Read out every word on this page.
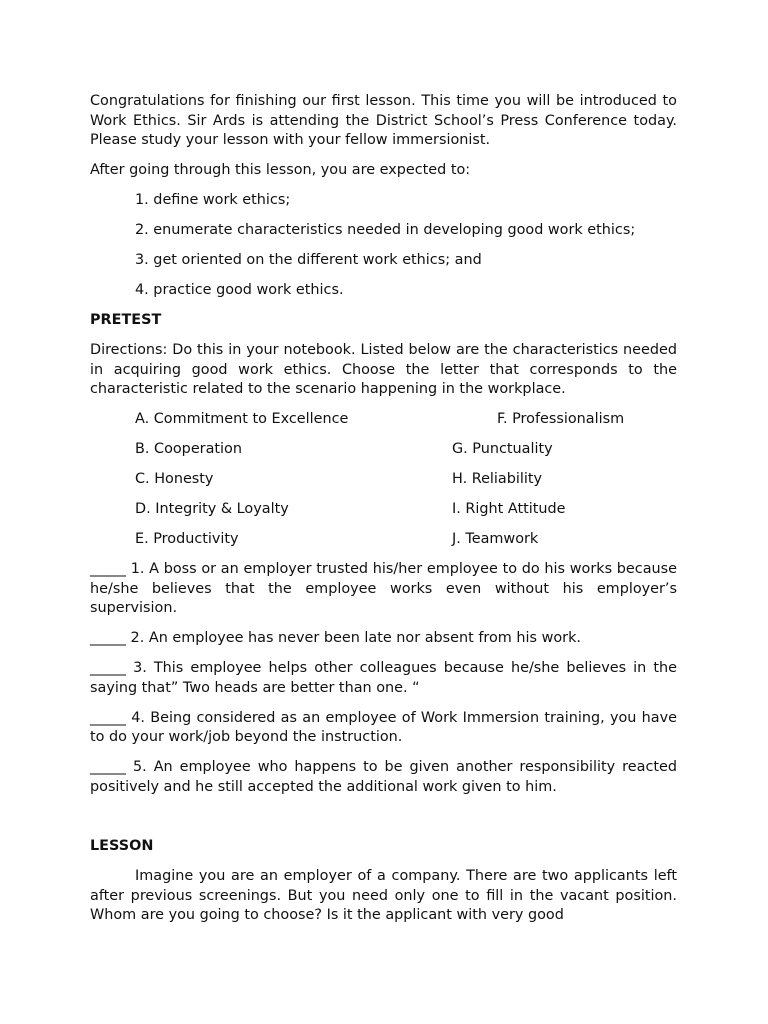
Congratulations for finishing our first lesson. This time you will be introduced to Work Ethics. Sir Ards is attending the District School’s Press Conference today. Please study your lesson with your fellow immersionist.

After going through this lesson, you are expected to:

1. define work ethics;

2. enumerate characteristics needed in developing good work ethics;

3. get oriented on the different work ethics; and

4. practice good work ethics.

PRETEST

Directions: Do this in your notebook. Listed below are the characteristics needed in acquiring good work ethics. Choose the letter that corresponds to the characteristic related to the scenario happening in the workplace.

A. Commitment to Excellence
B. Cooperation
C. Honesty
D. Integrity & Loyalty
E. Productivity
F. Professionalism
G. Punctuality
H. Reliability
I. Right Attitude
J. Teamwork

_____ 1. A boss or an employer trusted his/her employee to do his works because he/she believes that the employee works even without his employer’s supervision.

_____ 2. An employee has never been late nor absent from his work.

_____ 3. This employee helps other colleagues because he/she believes in the saying that” Two heads are better than one. “

_____ 4. Being considered as an employee of Work Immersion training, you have to do your work/job beyond the instruction.

_____ 5. An employee who happens to be given another responsibility reacted positively and he still accepted the additional work given to him.

LESSON

Imagine you are an employer of a company. There are two applicants left after previous screenings. But you need only one to fill in the vacant position. Whom are you going to choose? Is it the applicant with very good
